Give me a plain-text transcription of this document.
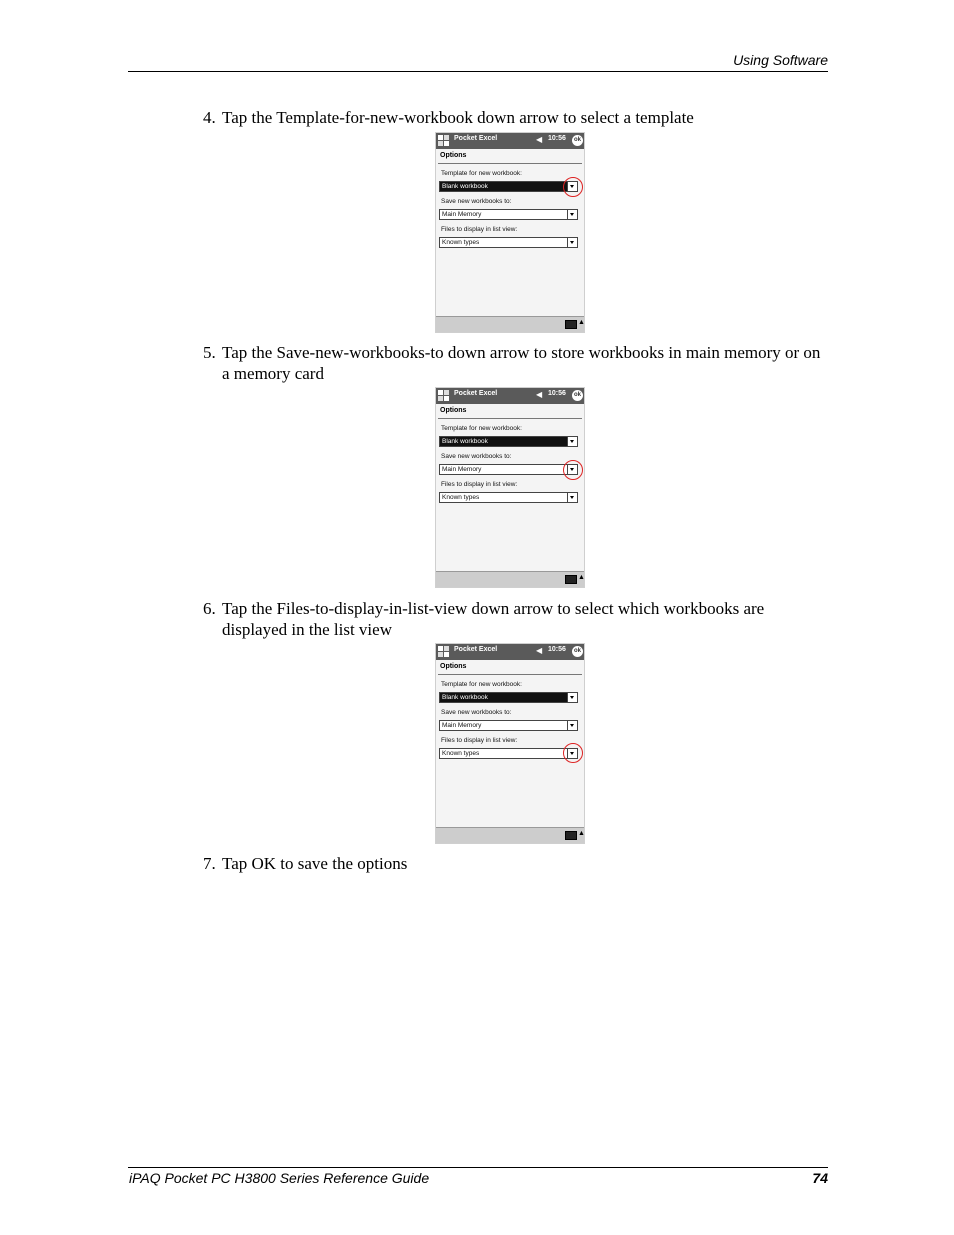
Using Software
4. Tap the Template-for-new-workbook down arrow to select a template
Pocket Excel	◀ 10:56	ok
Options
Template for new workbook:
Blank workbook
Save new workbooks to:
Main Memory
Files to display in list view:
Known types
▲
5. Tap the Save-new-workbooks-to down arrow to store workbooks in main memory or on a memory card
Pocket Excel	◀ 10:56	ok
Options
Template for new workbook:
Blank workbook
Save new workbooks to:
Main Memory
Files to display in list view:
Known types
▲
6. Tap the Files-to-display-in-list-view down arrow to select which workbooks are displayed in the list view
Pocket Excel	◀ 10:56	ok
Options
Template for new workbook:
Blank workbook
Save new workbooks to:
Main Memory
Files to display in list view:
Known types
▲
7. Tap OK to save the options
iPAQ Pocket PC H3800 Series Reference Guide	74
